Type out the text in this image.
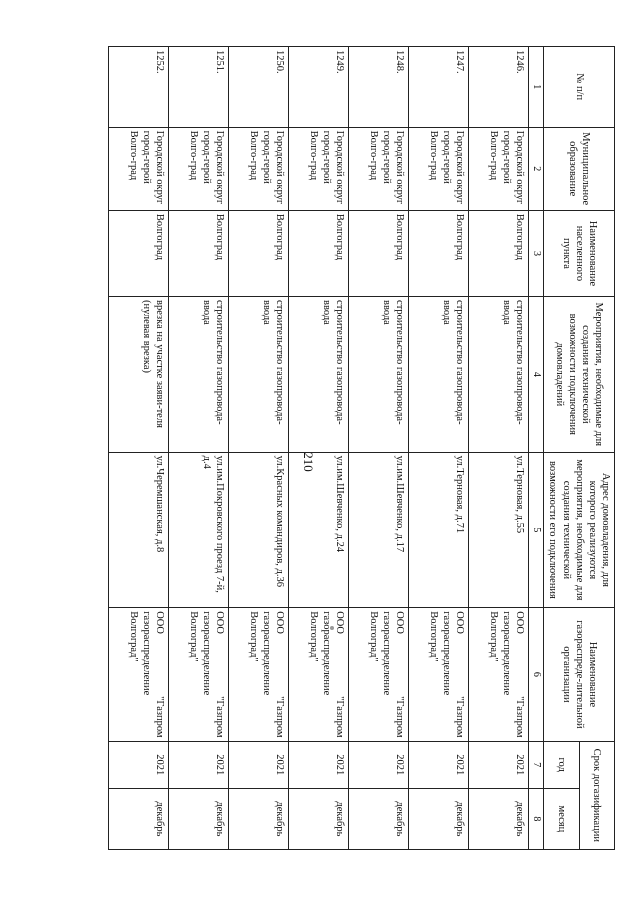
210
№ п/п	Муниципальное образование	Наименование населенного пункта	Мероприятия, необходимые для создания технической возможности подключения домовладений	Адрес домовладения, для которого реализуются мероприятия, необходимые для создания технической возможности его подключения	Наименование газораспреде-лительной организации	Срок догазификации	
						год	месяц
1	2	3	4	5	6	7	8
1246.	Городской округ город-герой Волго-град	Волгоград	строительство газопровода-ввода	ул.Терновая, д.55	ООО "Газпром газораспределение Волгоград"	2021	декабрь
1247.	Городской округ город-герой Волго-град	Волгоград	строительство газопровода-ввода	ул.Терновая, д.71	ООО "Газпром газораспределение Волгоград"	2021	декабрь
1248.	Городской округ город-герой Волго-град	Волгоград	строительство газопровода-ввода	ул.им.Шевченко, д.17	ООО "Газпром газораспределение Волгоград"	2021	декабрь
1249.	Городской округ город-герой Волго-град	Волгоград	строительство газопровода-ввода	ул.им.Шевченко, д.24	ООО "Газпром газораспределение Волгоград"	2021	декабрь
1250.	Городской округ город-герой Волго-град	Волгоград	строительство газопровода-ввода	ул.Красных командиров, д.36	ООО "Газпром газораспределение Волгоград"	2021	декабрь
1251.	Городской округ город-герой Волго-град	Волгоград	строительство газопровода-ввода	ул.им.Покровского проезд 7-й, д.4	ООО "Газпром газораспределение Волгоград"	2021	декабрь
1252.	Городской округ город-герой Волго-град	Волгоград	врезка на участке заяви-теля (нулевая врезка)	ул.Черемшанская, д.8	ООО "Газпром газораспределение Волгоград"	2021	декабрь
